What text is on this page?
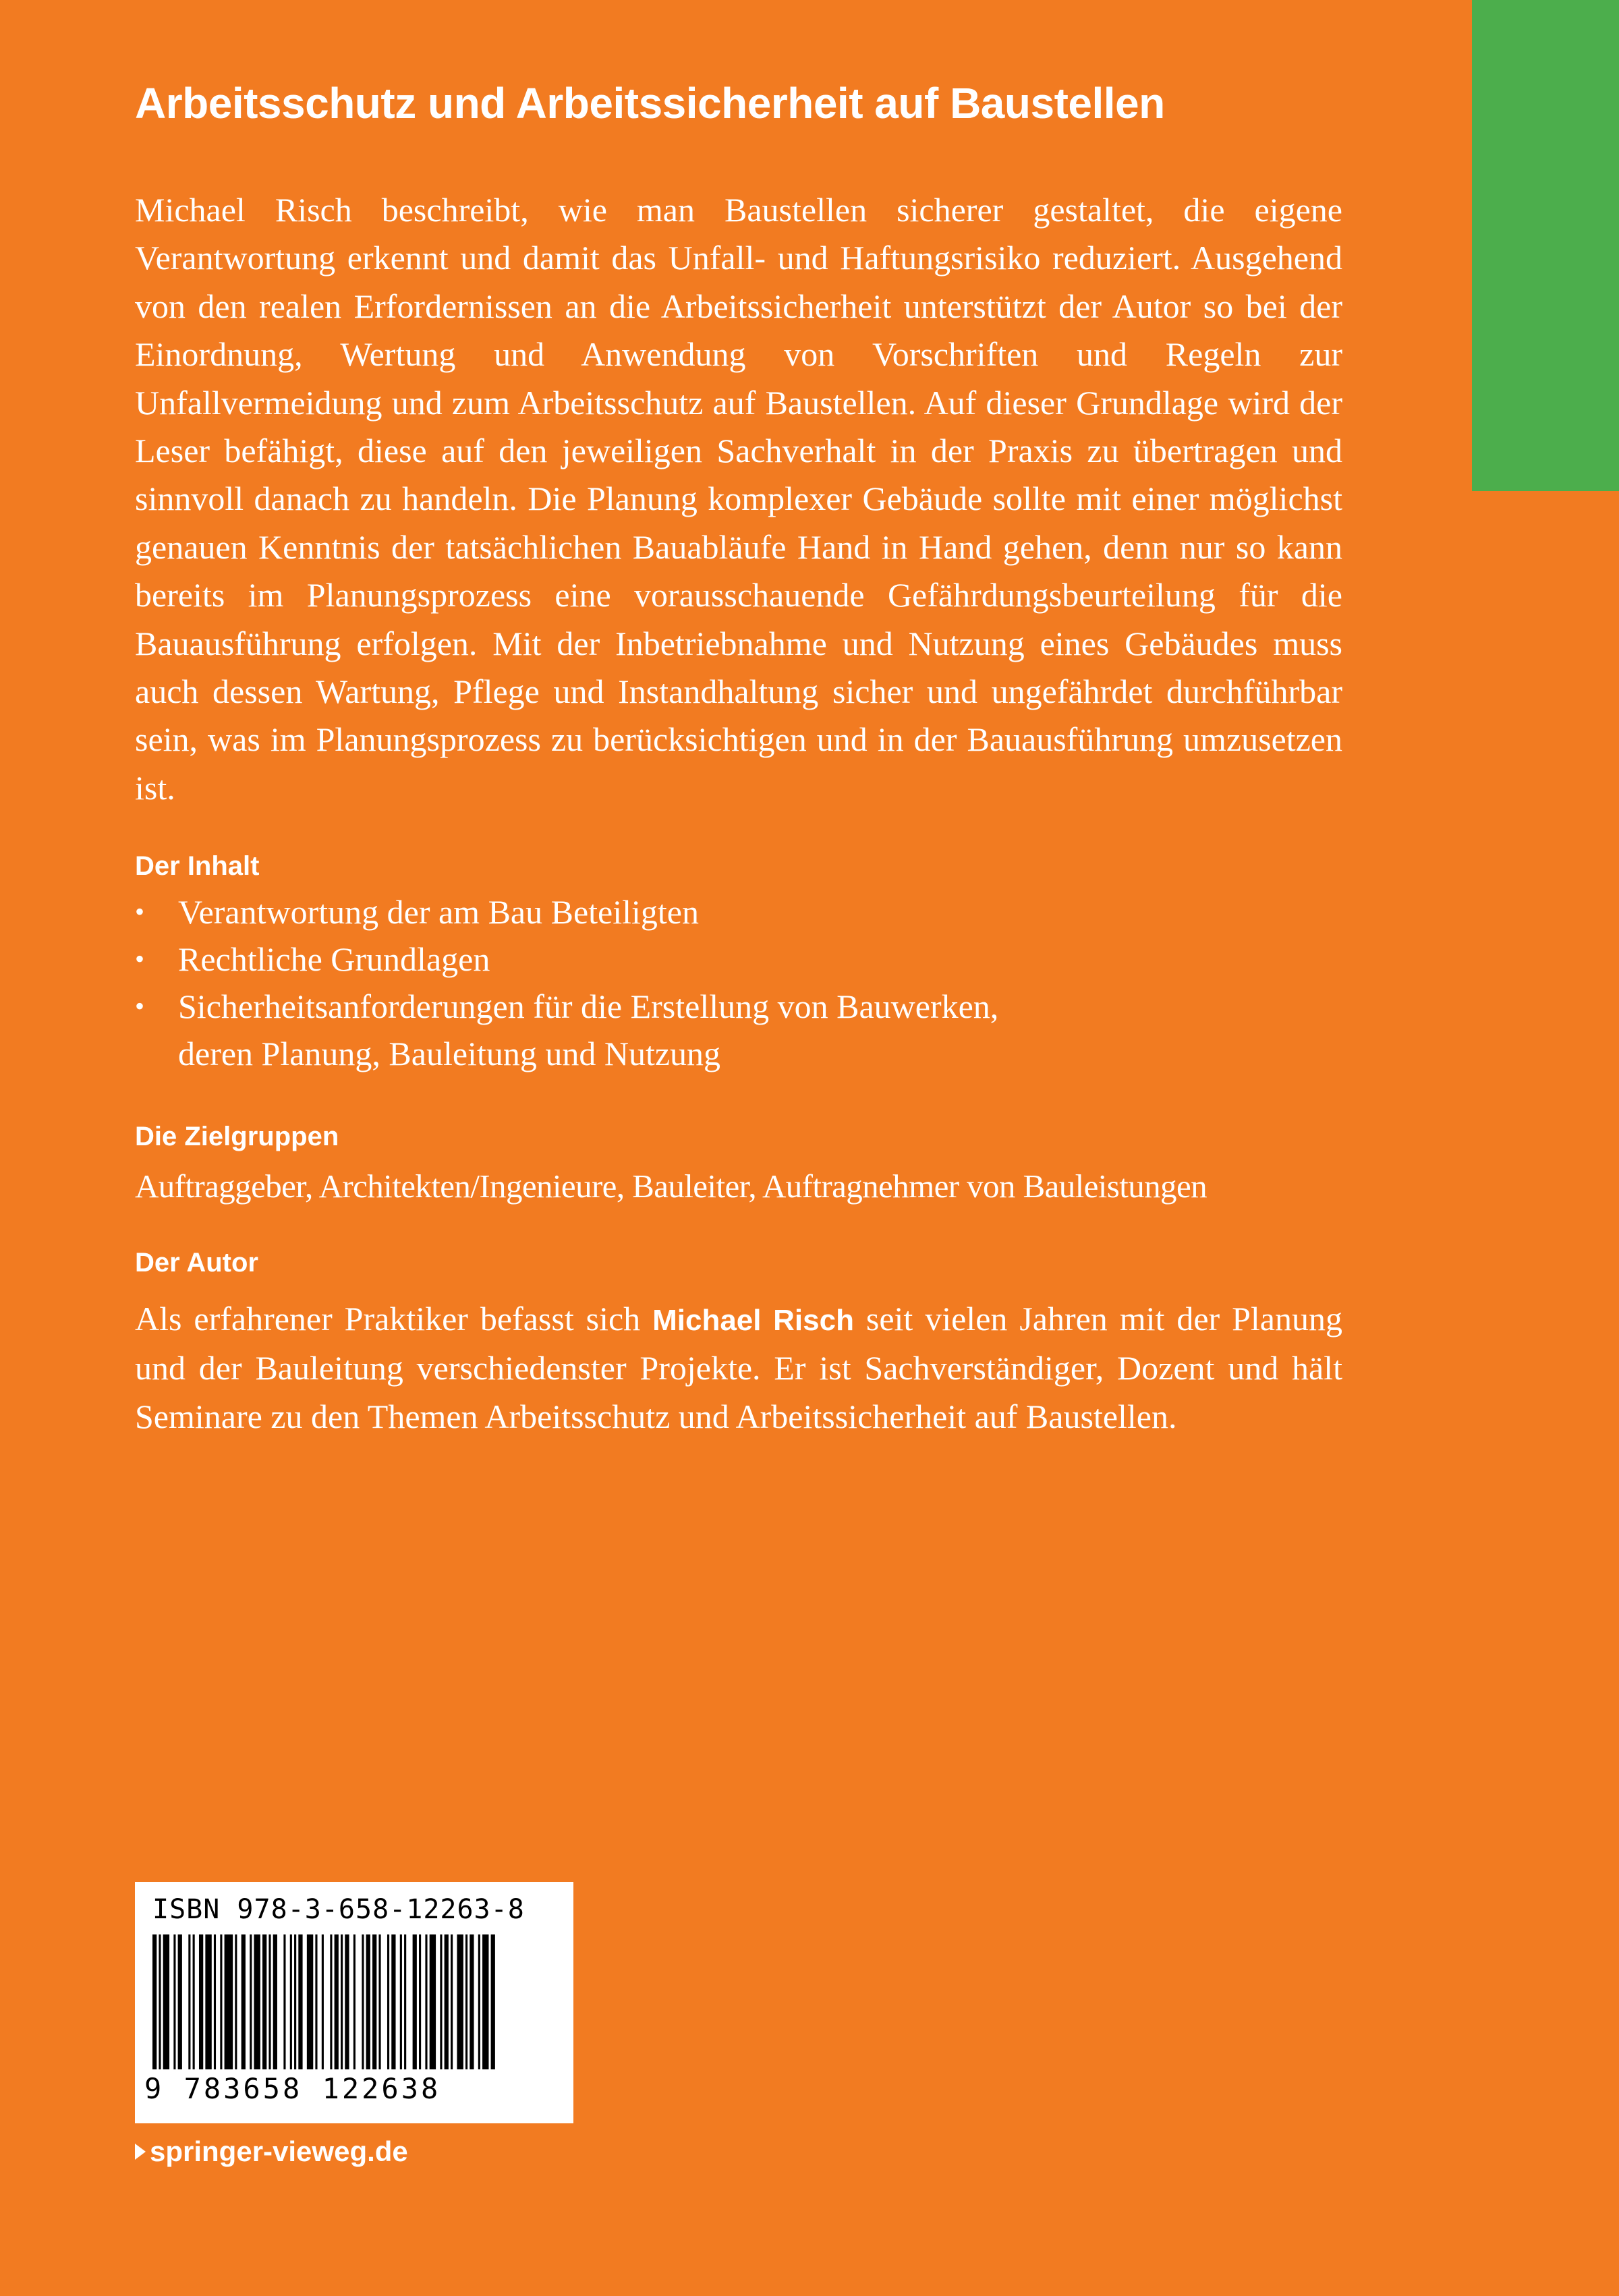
Arbeitsschutz und Arbeitssicherheit auf Baustellen

Michael Risch beschreibt, wie man Baustellen sicherer gestaltet, die eigene Verantwortung erkennt und damit das Unfall- und Haftungsrisiko reduziert. Ausgehend von den realen Erfordernissen an die Arbeitssicherheit unterstützt der Autor so bei der Einordnung, Wertung und Anwendung von Vorschriften und Regeln zur Unfallvermeidung und zum Arbeitsschutz auf Baustellen. Auf dieser Grundlage wird der Leser befähigt, diese auf den jeweiligen Sachverhalt in der Praxis zu übertragen und sinnvoll danach zu handeln. Die Planung komplexer Gebäude sollte mit einer möglichst genauen Kenntnis der tatsächlichen Bauabläufe Hand in Hand gehen, denn nur so kann bereits im Planungsprozess eine vorausschauende Gefährdungsbeurteilung für die Bauausführung erfolgen. Mit der Inbetriebnahme und Nutzung eines Gebäudes muss auch dessen Wartung, Pflege und Instandhaltung sicher und ungefährdet durchführbar sein, was im Planungsprozess zu berücksichtigen und in der Bauausführung umzusetzen ist.

Der Inhalt
• Verantwortung der am Bau Beteiligten
• Rechtliche Grundlagen
• Sicherheitsanforderungen für die Erstellung von Bauwerken, deren Planung, Bauleitung und Nutzung
Die Zielgruppen

Auftraggeber, Architekten/Ingenieure, Bauleiter, Auftragnehmer von Bauleistungen

Der Autor

Als erfahrener Praktiker befasst sich Michael Risch seit vielen Jahren mit der Planung und der Bauleitung verschiedenster Projekte. Er ist Sachverständiger, Dozent und hält Seminare zu den Themen Arbeitsschutz und Arbeitssicherheit auf Baustellen.

ISBN 978-3-658-12263-8
9 783658 122638
springer-vieweg.de
